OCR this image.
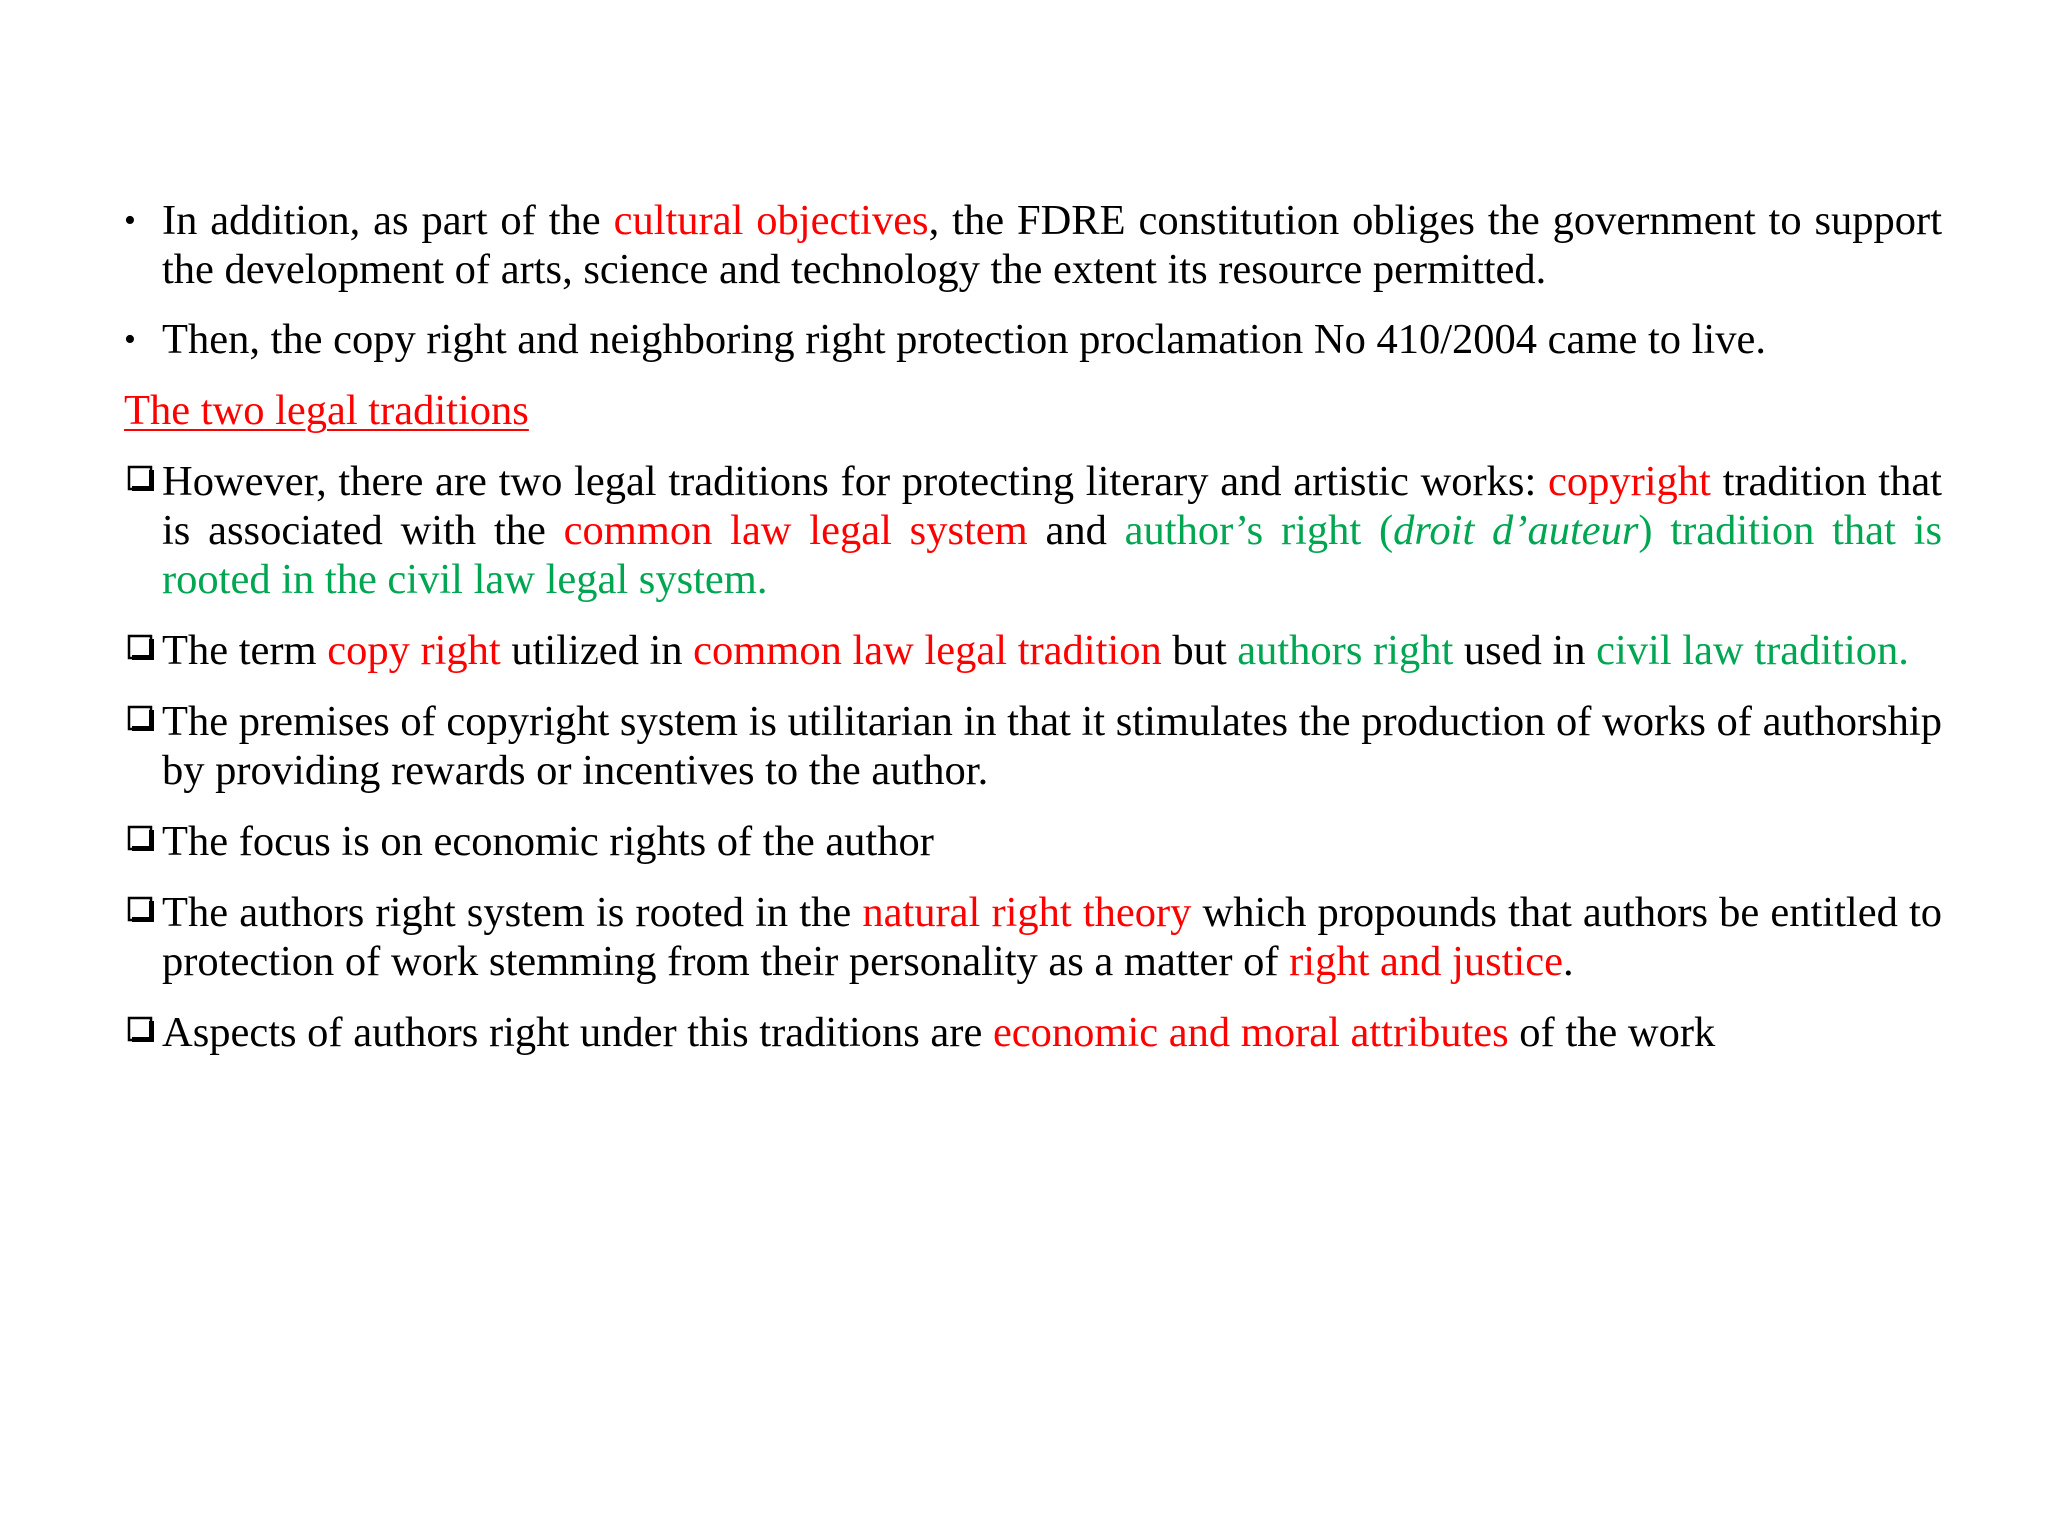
• In addition, as part of the cultural objectives, the FDRE constitution obliges the government to support the development of arts, science and technology the extent its resource permitted.
• Then, the copy right and neighboring right protection proclamation No 410/2004 came to live.
The two legal traditions
However, there are two legal traditions for protecting literary and artistic works: copyright tradition that is associated with the common law legal system and author’s right (droit d’auteur) tradition that is rooted in the civil law legal system.
The term copy right utilized in common law legal tradition but authors right used in civil law tradition.
The premises of copyright system is utilitarian in that it stimulates the production of works of authorship by providing rewards or incentives to the author.
The focus is on economic rights of the author
The authors right system is rooted in the natural right theory which propounds that authors be entitled to protection of work stemming from their personality as a matter of right and justice.
Aspects of authors right under this traditions are economic and moral attributes of the work
